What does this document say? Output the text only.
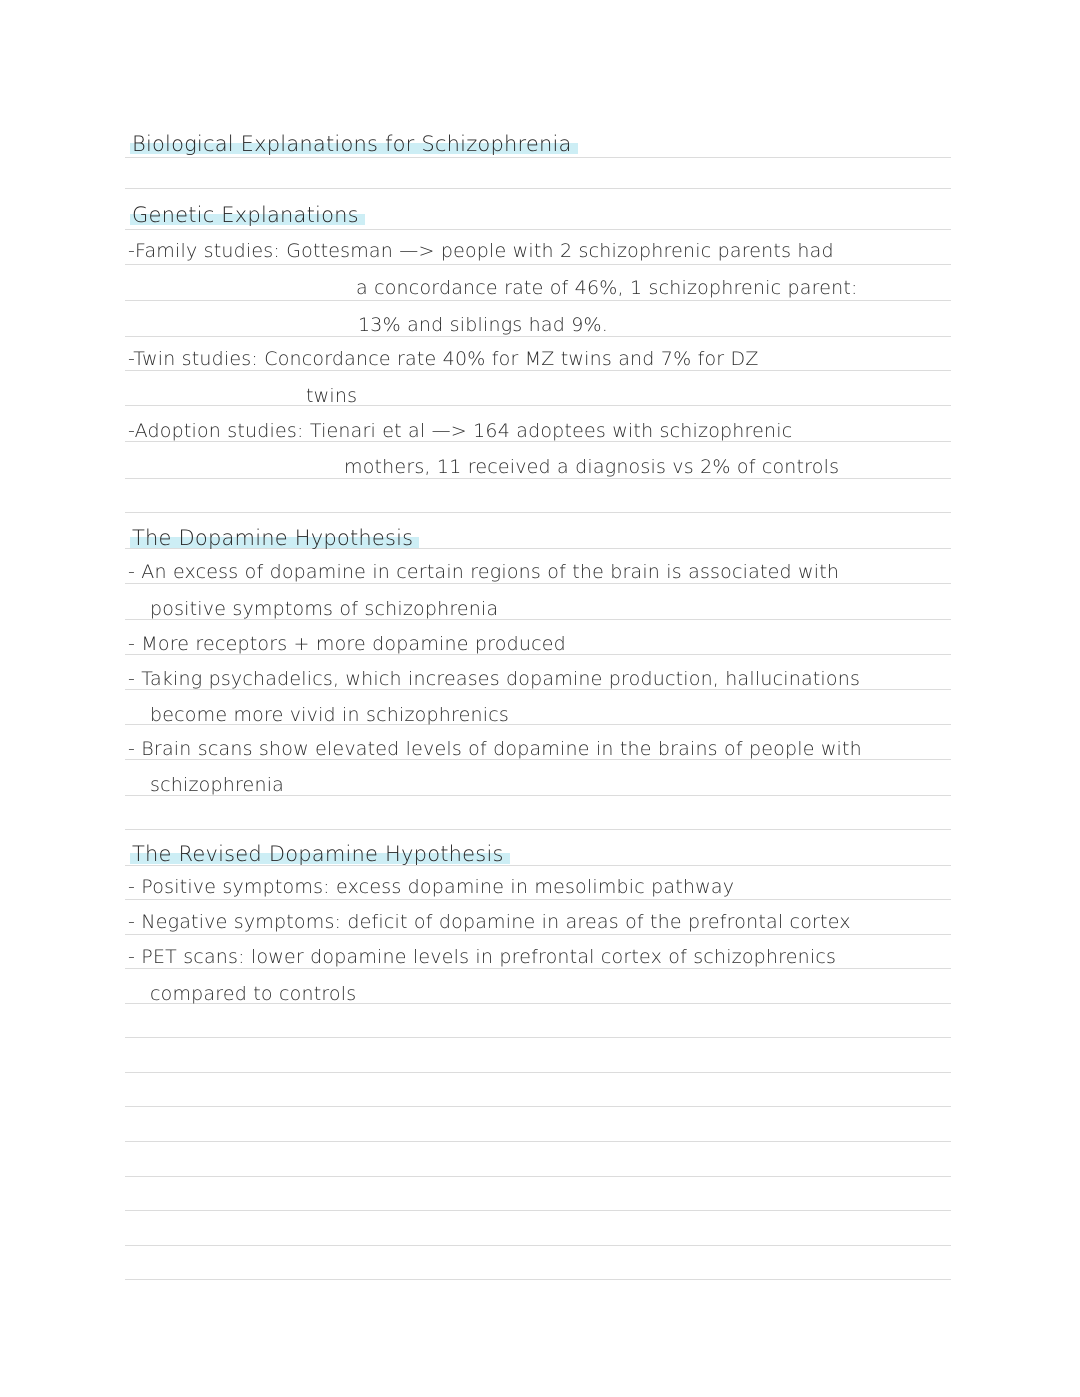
Biological Explanations for Schizophrenia
Genetic Explanations
-Family studies: Gottesman —> people with 2 schizophrenic parents had
a concordance rate of 46%, 1 schizophrenic parent:
13% and siblings had 9%.
-Twin studies: Concordance rate 40% for MZ twins and 7% for DZ
twins
-Adoption studies: Tienari et al —> 164 adoptees with schizophrenic
mothers, 11 received a diagnosis vs 2% of controls
The Dopamine Hypothesis
- An excess of dopamine in certain regions of the brain is associated with
positive symptoms of schizophrenia
- More receptors + more dopamine produced
- Taking psychadelics, which increases dopamine production, hallucinations
become more vivid in schizophrenics
- Brain scans show elevated levels of dopamine in the brains of people with
schizophrenia
The Revised Dopamine Hypothesis
- Positive symptoms: excess dopamine in mesolimbic pathway
- Negative symptoms: deficit of dopamine in areas of the prefrontal cortex
- PET scans: lower dopamine levels in prefrontal cortex of schizophrenics
compared to controls
